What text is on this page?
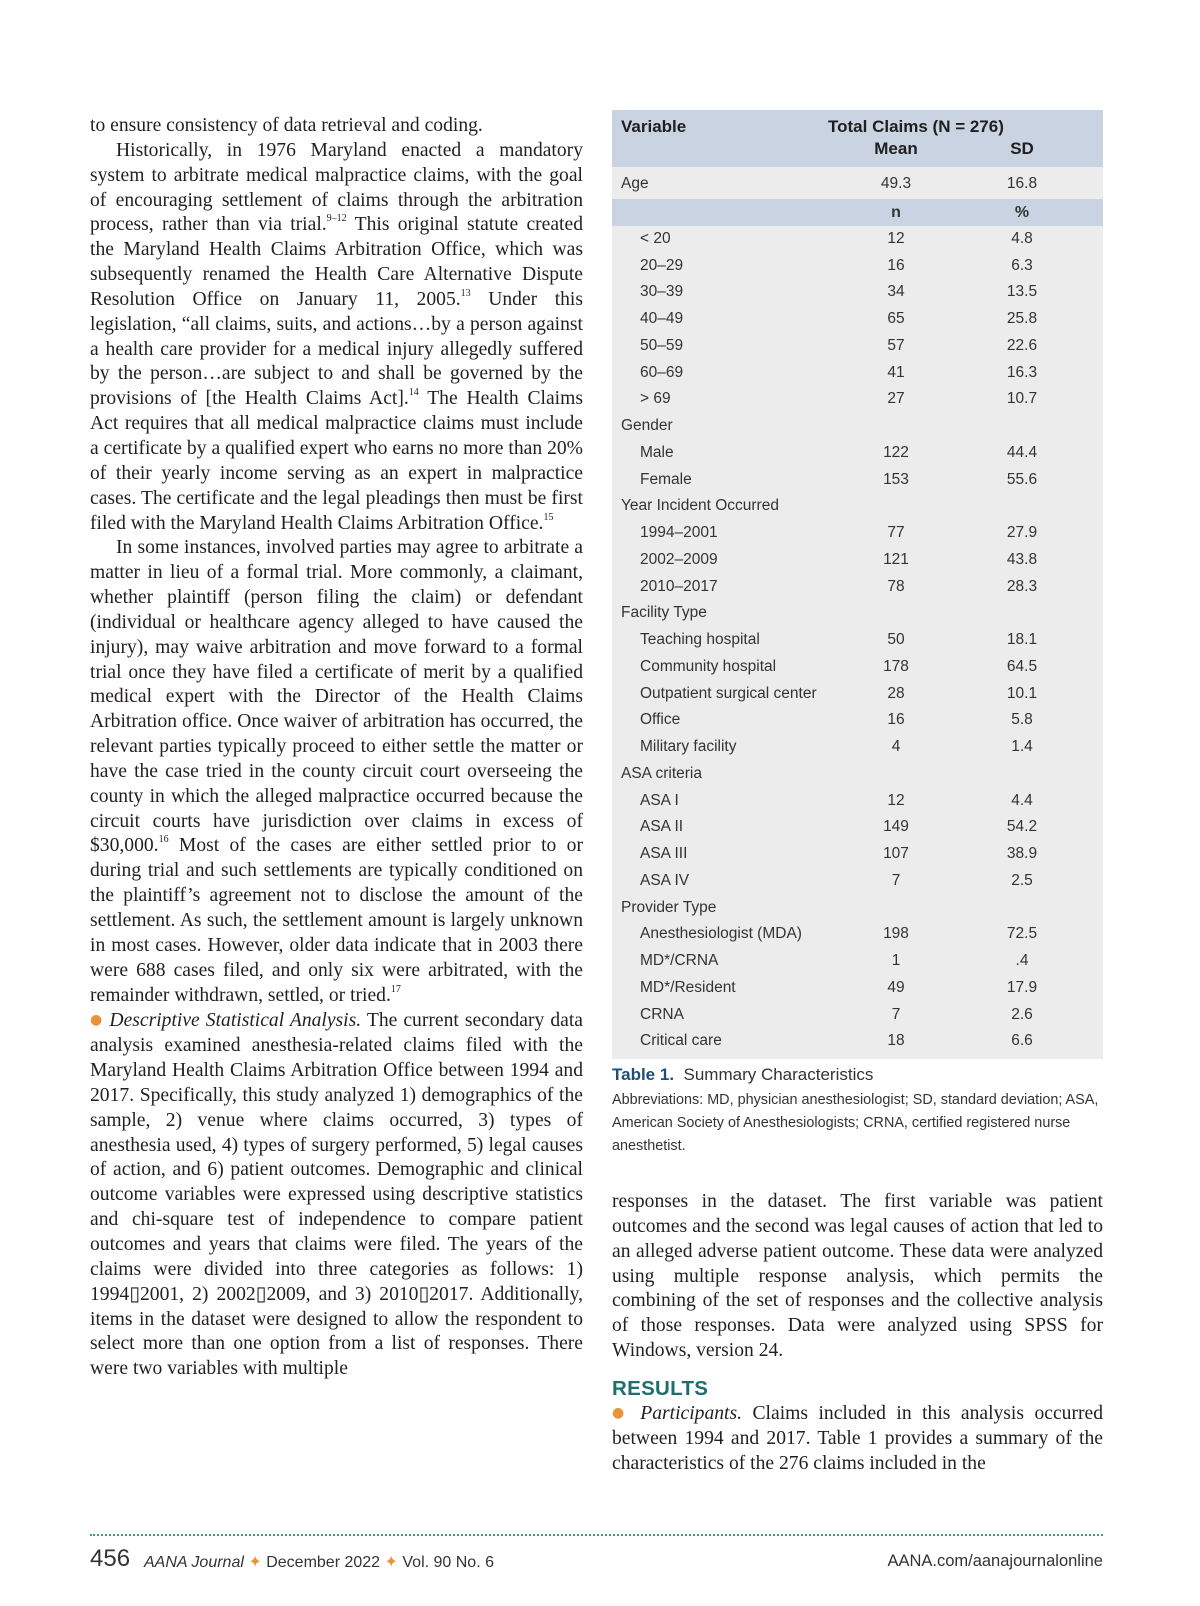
to ensure consistency of data retrieval and coding.

Historically, in 1976 Maryland enacted a mandatory system to arbitrate medical malpractice claims, with the goal of encouraging settlement of claims through the arbitration process, rather than via trial.$^{9-12}$ This original statute created the Maryland Health Claims Arbitration Office, which was subsequently renamed the Health Care Alternative Dispute Resolution Office on January 11, 2005.13 Under this legislation, “all claims, suits, and actions…by a person against a health care provider for a medical injury allegedly suffered by the person…are subject to and shall be governed by the provisions of [the Health Claims Act].$^{14}$ The Health Claims Act requires that all medical malpractice claims must include a certificate by a qualified expert who earns no more than 20% of their yearly income serving as an expert in malpractice cases. The certificate and the legal pleadings then must be first filed with the Maryland Health Claims Arbitration Office.$^{15}$

In some instances, involved parties may agree to arbitrate a matter in lieu of a formal trial. More commonly, a claimant, whether plaintiff (person filing the claim) or defendant (individual or healthcare agency alleged to have caused the injury), may waive arbitration and move forward to a formal trial once they have filed a certificate of merit by a qualified medical expert with the Director of the Health Claims Arbitration office. Once waiver of arbitration has occurred, the relevant parties typically proceed to either settle the matter or have the case tried in the county circuit court overseeing the county in which the alleged malpractice occurred because the circuit courts have jurisdiction over claims in excess of $30,000.16 Most of the cases are either settled prior to or during trial and such settlements are typically conditioned on the plaintiff’s agreement not to disclose the amount of the settlement. As such, the settlement amount is largely unknown in most cases. However, older data indicate that in 2003 there were 688 cases filed, and only six were arbitrated, with the remainder withdrawn, settled, or tried.$^{17}$

● Descriptive Statistical Analysis. The current secondary data analysis examined anesthesia-related claims filed with the Maryland Health Claims Arbitration Office between 1994 and 2017. Specifically, this study analyzed 1) demographics of the sample, 2) venue where claims occurred, 3) types of anesthesia used, 4) types of surgery performed, 5) legal causes of action, and 6) patient outcomes. Demographic and clinical outcome variables were expressed using descriptive statistics and chi-square test of independence to compare patient outcomes and years that claims were filed. The years of the claims were divided into three categories as follows: 1) 1994▯2001, 2) 2002▯2009, and 3) 2010▯2017. Additionally, items in the dataset were designed to allow the respondent to select more than one option from a list of responses. There were two variables with multiple

Variable	Total Claims (N = 276)
Mean	SD
Age	49.3	16.8
n	%
< 20	12	4.8
20–29	16	6.3
30–39	34	13.5
40–49	65	25.8
50–59	57	22.6
60–69	41	16.3
> 69	27	10.7
Gender
Male	122	44.4
Female	153	55.6
Year Incident Occurred
1994–2001	77	27.9
2002–2009	121	43.8
2010–2017	78	28.3
Facility Type
Teaching hospital	50	18.1
Community hospital	178	64.5
Outpatient surgical center	28	10.1
Office	16	5.8
Military facility	4	1.4
ASA criteria
ASA I	12	4.4
ASA II	149	54.2
ASA III	107	38.9
ASA IV	7	2.5
Provider Type
Anesthesiologist (MDA)	198	72.5
MD*/CRNA	1	.4
MD*/Resident	49	17.9
CRNA	7	2.6
Critical care	18	6.6
Table 1. Summary Characteristics
Abbreviations: MD, physician anesthesiologist; SD, standard deviation; ASA, American Society of Anesthesiologists; CRNA, certified registered nurse anesthetist.

responses in the dataset. The first variable was patient outcomes and the second was legal causes of action that led to an alleged adverse patient outcome. These data were analyzed using multiple response analysis, which permits the combining of the set of responses and the collective analysis of those responses. Data were analyzed using SPSS for Windows, version 24.

RESULTS

● Participants. Claims included in this analysis occurred between 1994 and 2017. Table 1 provides a summary of the characteristics of the 276 claims included in the

456 AANA Journal ✦ December 2022 ✦ Vol. 90 No. 6	AANA.com/aanajournalonline
